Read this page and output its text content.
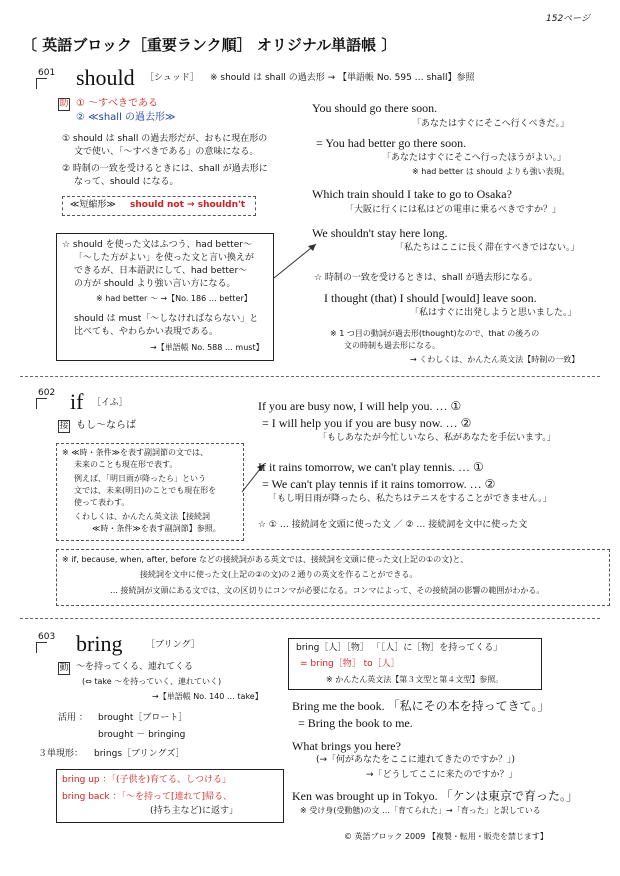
152ページ
〔 英語ブロック［重要ランク順］ オリジナル単語帳 〕
601 should ［シュッド］ ※ should は shall の過去形 → 【単語帳 No. 595 … shall】参照
助 ① ～すべきである
② ≪shall の過去形≫
① should は shall の過去形だが、おもに現在形の
文で使い、「～すべきである」の意味になる。
② 時制の一致を受けるときには、shall が過去形に
なって、should になる。
≪短縮形≫ should not → shouldn't
☆ should を使った文はふつう、had better～
「～した方がよい」を使った文と言い換えが
できるが、日本語訳にして、had better～
の方が should より強い言い方になる。
※ had better ～ →【No. 186 … better】
should は must「～しなければならない」と
比べても、やわらかい表現である。
→【単語帳 No. 588 … must】
You should go there soon.
「あなたはすぐにそこへ行くべきだ。」
= You had better go there soon.
「あなたはすぐにそこへ行ったほうがよい。」
※ had better は should よりも強い表現。
Which train should I take to go to Osaka?
「大阪に行くには私はどの電車に乗るべきですか？」
We shouldn't stay here long.
「私たちはここに長く滞在すべきではない。」
☆ 時制の一致を受けるときは、shall が過去形になる。
I thought (that) I should [would] leave soon.
「私はすぐに出発しようと思いました。」
※ 1 つ目の動詞が過去形(thought)なので、that の後ろの
文の時制も過去形になる。
→ くわしくは、かんたん英文法【時制の一致】
602 if ［イふ］
接 もし～ならば
※ ≪時・条件≫を表す副詞節の文では、
未来のことも現在形で表す。
例えば、「明日雨が降ったら」という
文では、未来(明日)のことでも現在形を
使って表わす。
くわしくは、かんたん英文法【接続詞
≪時・条件≫を表す副詞節】参照。
If you are busy now, I will help you. … ①
= I will help you if you are busy now. … ②
「もしあなたが今忙しいなら、私があなたを手伝います。」
If it rains tomorrow, we can't play tennis. … ①
= We can't play tennis if it rains tomorrow. … ②
「もし明日雨が降ったら、私たちはテニスをすることができません。」
☆ ① … 接続詞を文頭に使った文 ／ ② … 接続詞を文中に使った文
※ if, because, when, after, before などの接続詞がある英文では、接続詞を文頭に使った文(上記の①の文)と、
接続詞を文中に使った文(上記の②の文)の２通りの英文を作ることができる。
… 接続詞が文頭にある文では、文の区切りにコンマが必要になる。コンマによって、その接続詞の影響の範囲がわかる。
603 bring	［ブリング］
動 ～を持ってくる、連れてくる
(⇔ take ～を持っていく、連れていく)
→【単語帳 No. 140 … take】
活用 ： brought［ブロート］
brought － bringing
３単現形： brings［ブリングズ］
bring up ：「(子供を)育てる、しつける」
bring back ：「～を持って[連れて]帰る、
(持ち主など)に返す」
bring［人］［物］ 「［人］に［物］を持ってくる」
= bring［物］ to［人］
※ かんたん英文法【第３文型と第４文型】参照。
Bring me the book. 「私にその本を持ってきて。」
= Bring the book to me.
What brings you here?
(→「何があなたをここに連れてきたのですか？」)
→「どうしてここに来たのですか？」
Ken was brought up in Tokyo. 「ケンは東京で育った。」
※ 受け身(受動態)の文 …「育てられた」→「育った」と訳している
© 英語ブロック 2009 【複製・転用・販売を禁じます】
